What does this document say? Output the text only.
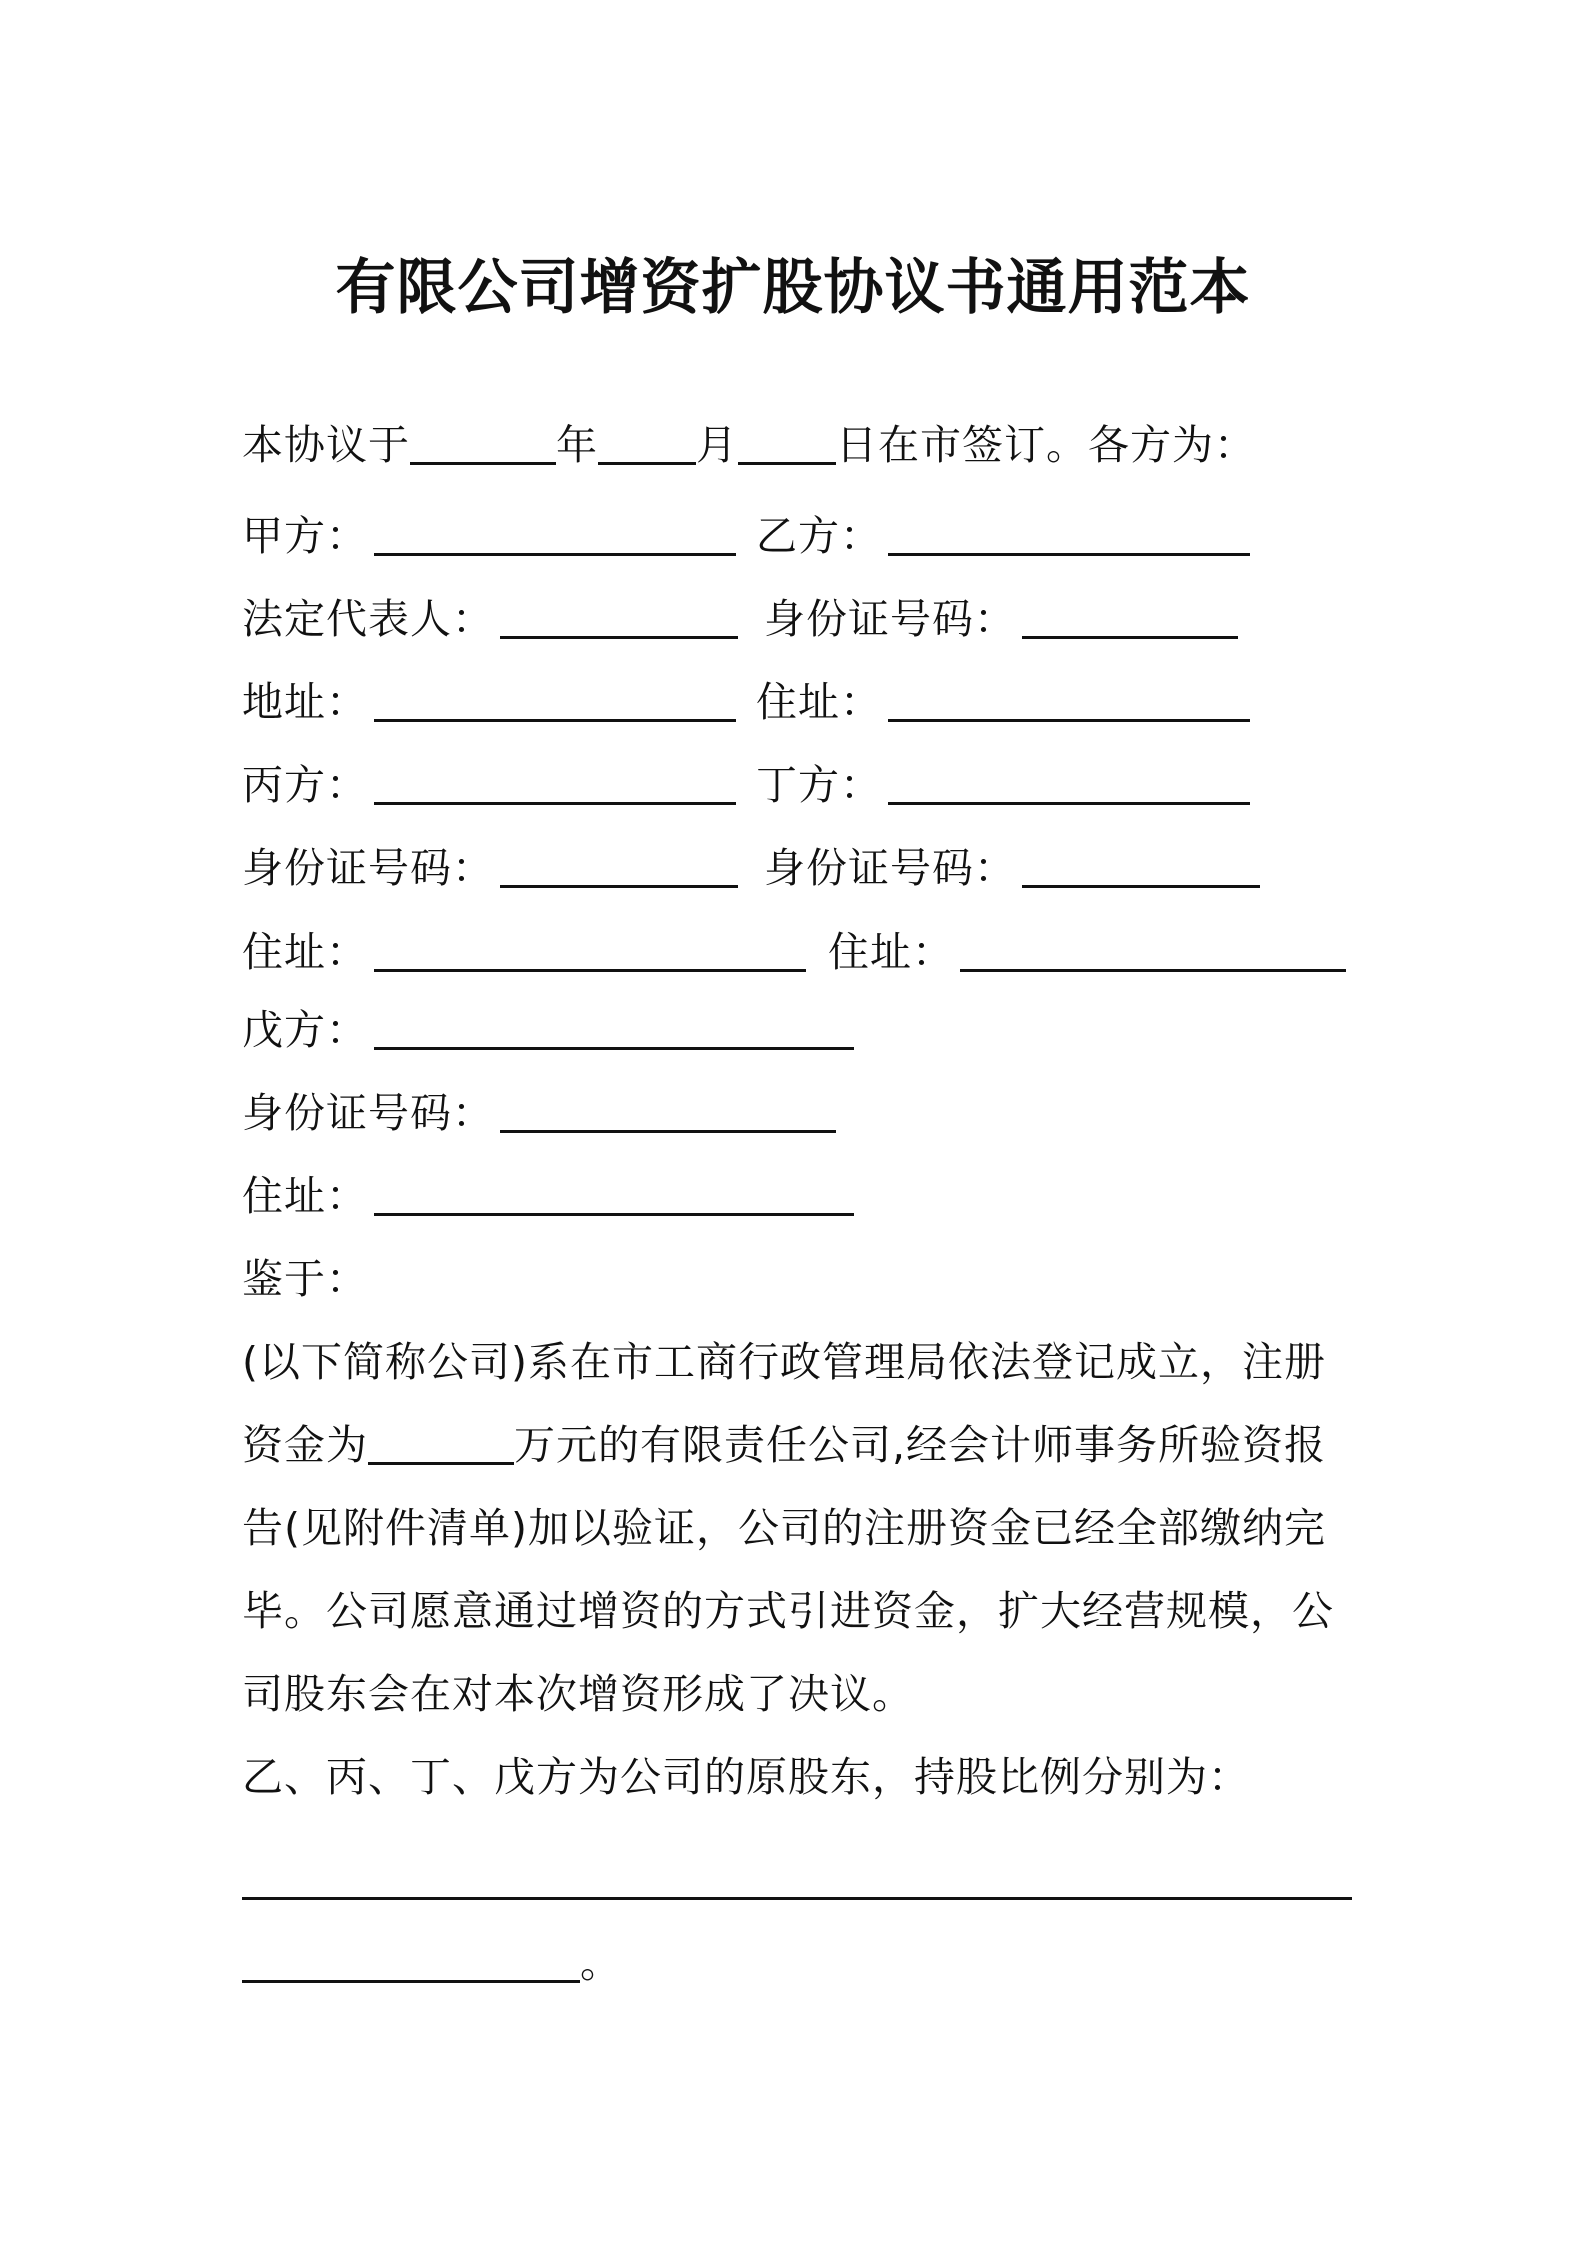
有限公司增资扩股协议书通用范本
本协议于	年 月 日在市签订。各方为：
甲方：	乙方：
法定代表人：	身份证号码：
地址：	住址：
丙方：	丁方：
身份证号码：	身份证号码：
住址：	住址：
戊方：
身份证号码：
住址：
鉴于：
(以下简称公司)系在市工商行政管理局依法登记成立，注册
资金为	万元的有限责任公司,经会计师事务所验资报
告(见附件清单)加以验证，公司的注册资金已经全部缴纳完
毕。公司愿意通过增资的方式引进资金，扩大经营规模，公
司股东会在对本次增资形成了决议。
乙、丙、丁、戊方为公司的原股东，持股比例分别为：
。
